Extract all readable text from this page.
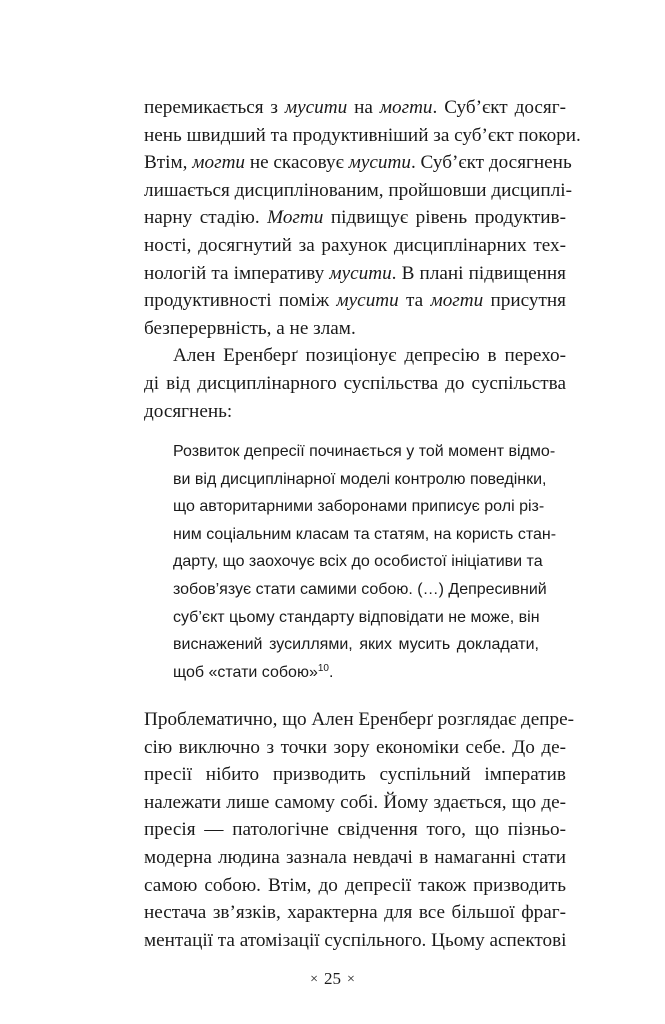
перемикається з мусити на могти. Суб’єкт досяг-
нень швидший та продуктивніший за суб’єкт покори.
Втім, могти не скасовує мусити. Суб’єкт досягнень
лишається дисциплінованим, пройшовши дисциплі-
нарну стадію. Могти підвищує рівень продуктив-
ності, досягнутий за рахунок дисциплінарних тех-
нологій та імперативу мусити. В плані підвищення
продуктивності поміж мусити та могти присутня
безперервність, а не злам.
Ален Еренберґ позиціонує депресію в перехо-
ді від дисциплінарного суспільства до суспільства
досягнень:
Розвиток депресії починається у той момент відмо-
ви від дисциплінарної моделі контролю поведінки,
що авторитарними заборонами приписує ролі різ-
ним соціальним класам та статям, на користь стан-
дарту, що заохочує всіх до особистої ініціативи та
зобов’язує стати самими собою. (…) Депресивний
суб’єкт цьому стандарту відповідати не може, він
виснажений зусиллями, яких мусить докладати,
щоб «стати собою»$^{10}$.
Проблематично, що Ален Еренберґ розглядає депре-
сію виключно з точки зору економіки себе. До де-
пресії нібито призводить суспільний імператив
належати лише самому собі. Йому здається, що де-
пресія — патологічне свідчення того, що пізньо-
модерна людина зазнала невдачі в намаганні стати
самою собою. Втім, до депресії також призводить
нестача зв’язків, характерна для все більшої фраг-
ментації та атомізації суспільного. Цьому аспектові
× 25 ×
